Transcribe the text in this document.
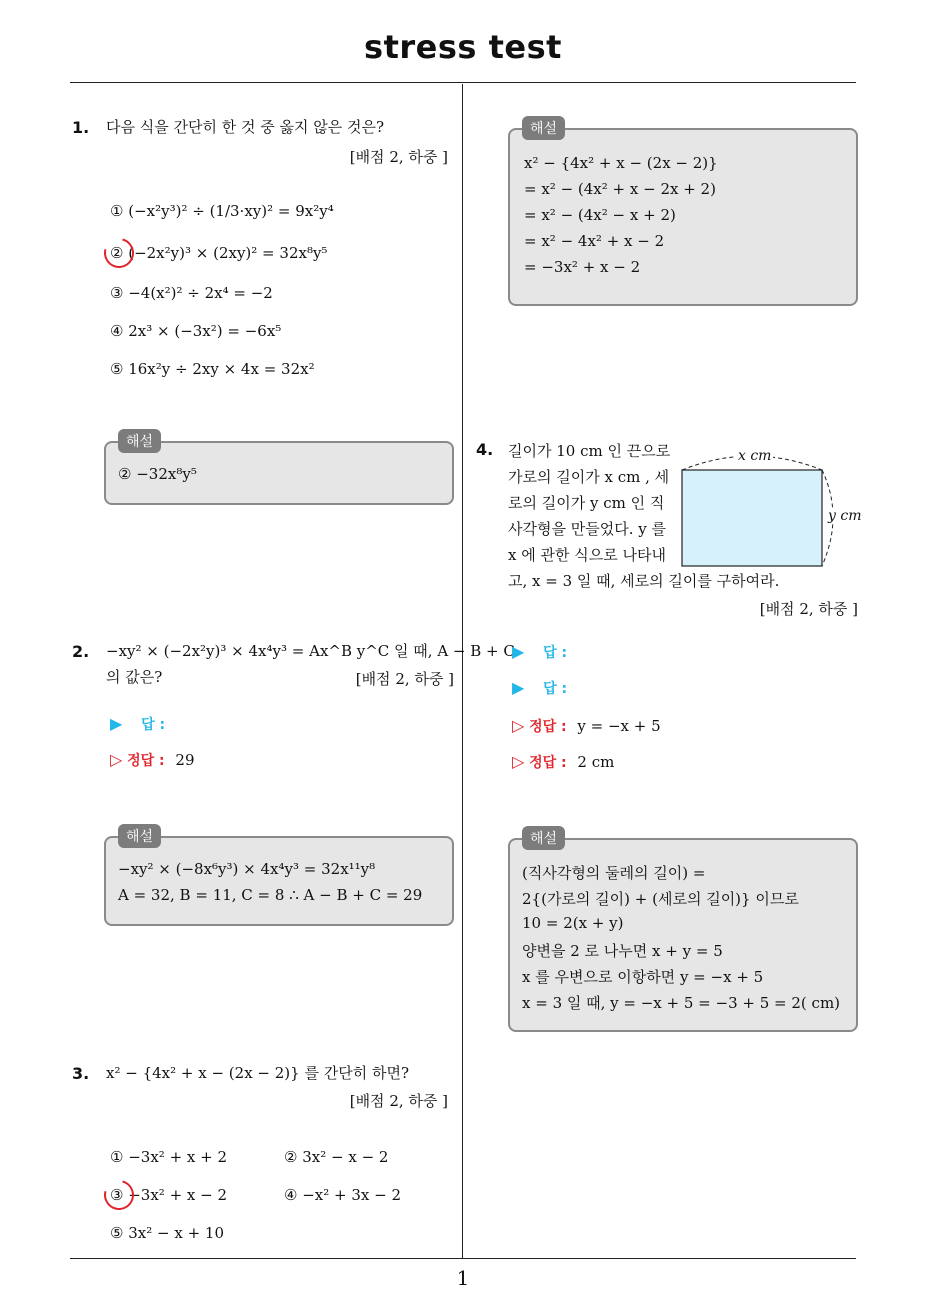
stress test
1. 다음 식을 간단히 한 것 중 옳지 않은 것은?
[배점 2, 하중 ]
① (−x²y³)² ÷ (1/3·xy)² = 9x²y⁴
② (−2x²y)³ × (2xy)² = 32x⁸y⁵
③ −4(x²)² ÷ 2x⁴ = −2
④ 2x³ × (−3x²) = −6x⁵
⑤ 16x²y ÷ 2xy × 4x = 32x²
② −32x⁸y⁵
해설
2. −xy² × (−2x²y)³ × 4x⁴y³ = Ax^B y^C 일 때, A − B + C
의 값은?	[배점 2, 하중 ]
▶ 답 :
▷ 정답 : 29
−xy² × (−8x⁶y³) × 4x⁴y³ = 32x¹¹y⁸
A = 32, B = 11, C = 8 ∴ A − B + C = 29
해설
3. x² − {4x² + x − (2x − 2)} 를 간단히 하면?
[배점 2, 하중 ]
① −3x² + x + 2	② 3x² − x − 2
③ −3x² + x − 2	④ −x² + 3x − 2
⑤ 3x² − x + 10
x² − {4x² + x − (2x − 2)}
= x² − (4x² + x − 2x + 2)
= x² − (4x² − x + 2)
= x² − 4x² + x − 2
= −3x² + x − 2
해설
4. 길이가 10 cm 인 끈으로
가로의 길이가 x cm , 세
로의 길이가 y cm 인 직
사각형을 만들었다. y 를
x 에 관한 식으로 나타내
고, x = 3 일 때, 세로의 길이를 구하여라.
x cm
y cm
[배점 2, 하중 ]
▶ 답 :
▶ 답 :
▷ 정답 : y = −x + 5
▷ 정답 : 2 cm
(직사각형의 둘레의 길이) =
2{(가로의 길이) + (세로의 길이)} 이므로
10 = 2(x + y)
양변을 2 로 나누면 x + y = 5
x 를 우변으로 이항하면 y = −x + 5
x = 3 일 때, y = −x + 5 = −3 + 5 = 2( cm)
해설
1
